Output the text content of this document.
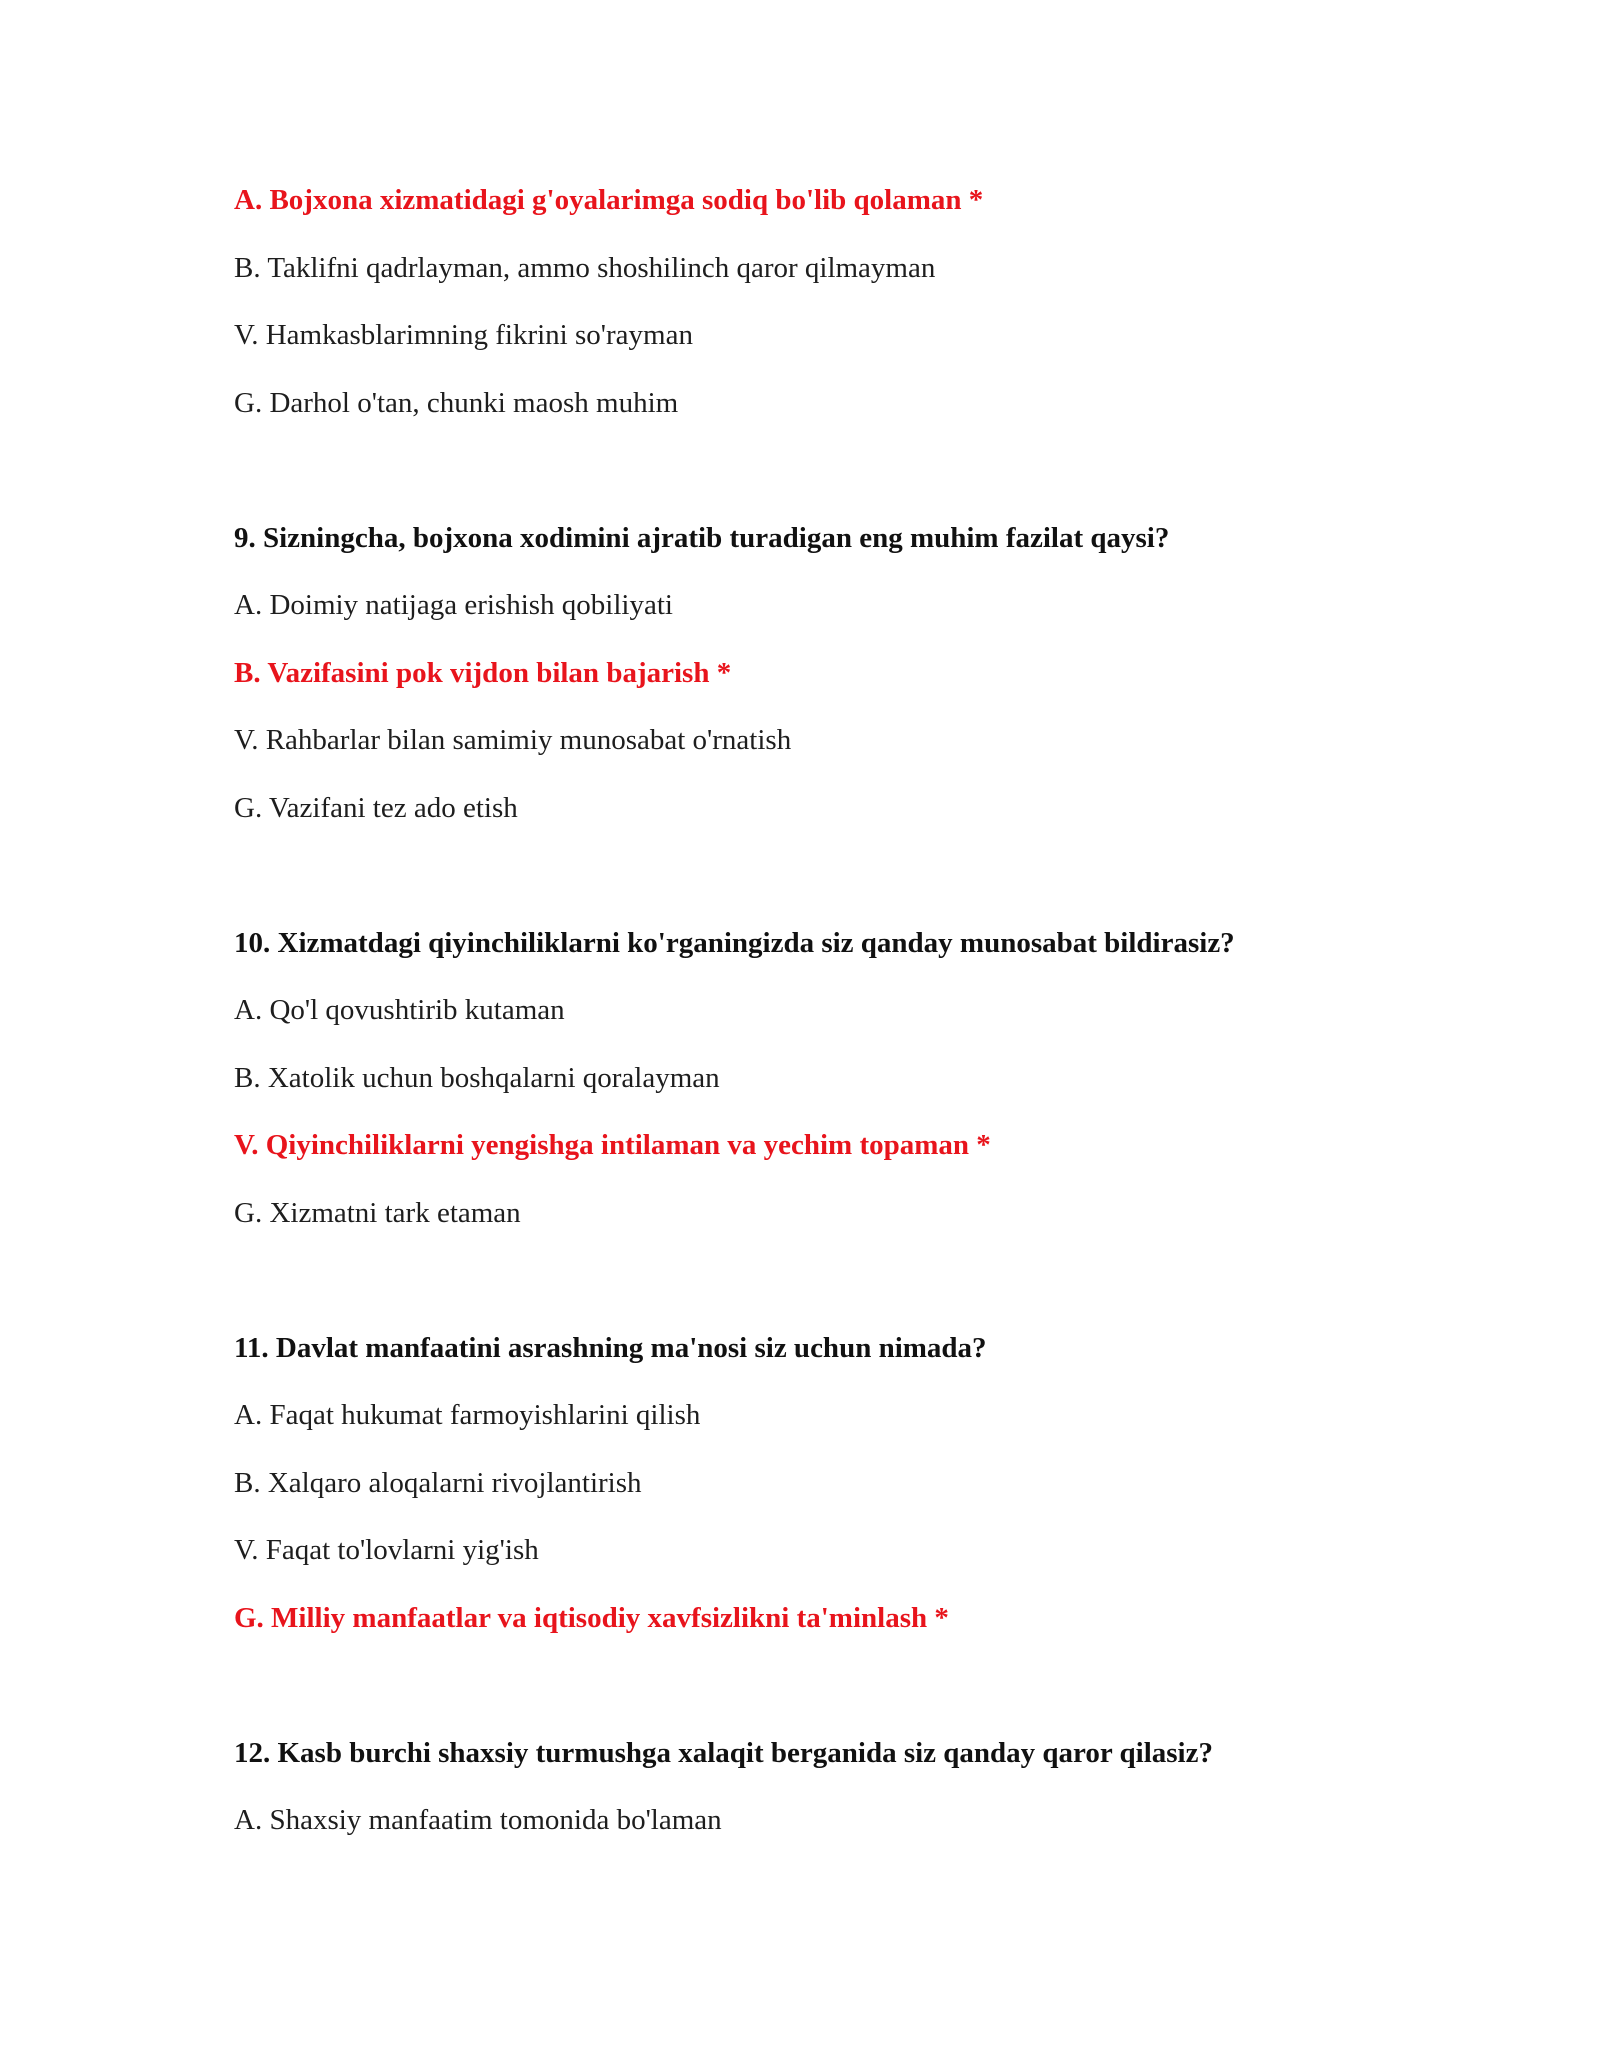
A. Bojxona xizmatidagi g'oyalarimga sodiq bo'lib qolaman *

B. Taklifni qadrlayman, ammo shoshilinch qaror qilmayman

V. Hamkasblarimning fikrini so'rayman

G. Darhol o'tan, chunki maosh muhim

9. Sizningcha, bojxona xodimini ajratib turadigan eng muhim fazilat qaysi?

A. Doimiy natijaga erishish qobiliyati

B. Vazifasini pok vijdon bilan bajarish *

V. Rahbarlar bilan samimiy munosabat o'rnatish

G. Vazifani tez ado etish

10. Xizmatdagi qiyinchiliklarni ko'rganingizda siz qanday munosabat bildirasiz?

A. Qo'l qovushtirib kutaman

B. Xatolik uchun boshqalarni qoralayman

V. Qiyinchiliklarni yengishga intilaman va yechim topaman *

G. Xizmatni tark etaman

11. Davlat manfaatini asrashning ma'nosi siz uchun nimada?

A. Faqat hukumat farmoyishlarini qilish

B. Xalqaro aloqalarni rivojlantirish

V. Faqat to'lovlarni yig'ish

G. Milliy manfaatlar va iqtisodiy xavfsizlikni ta'minlash *

12. Kasb burchi shaxsiy turmushga xalaqit berganida siz qanday qaror qilasiz?

A. Shaxsiy manfaatim tomonida bo'laman
